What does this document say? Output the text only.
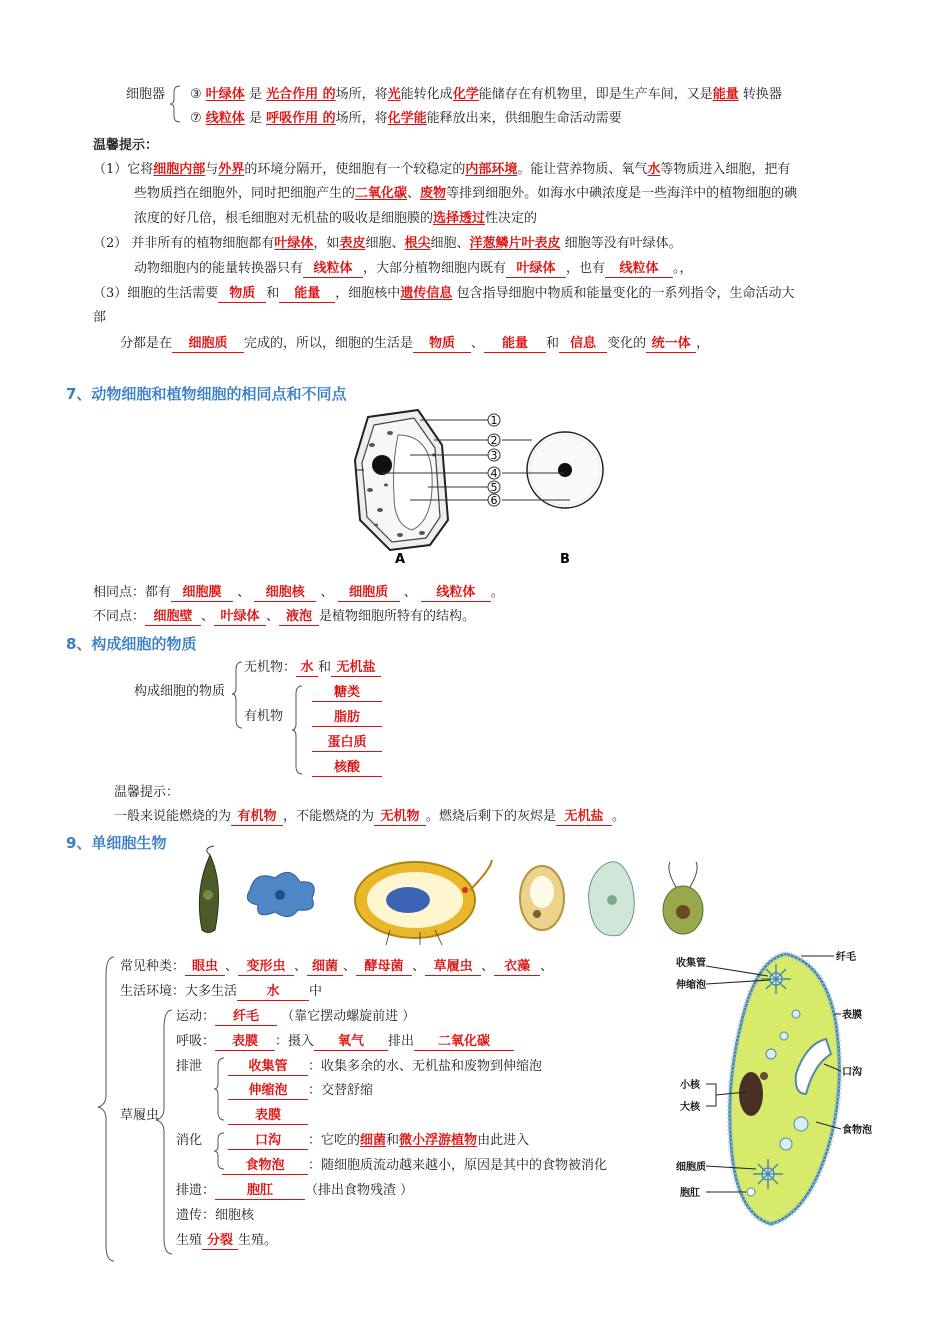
细胞器 ③ 叶绿体 是 光合作用 的场所，将光能转化成化学能储存在有机物里，即是生产车间，又是能量 转换器
⑦ 线粒体 是 呼吸作用 的场所，将化学能能释放出来，供细胞生命活动需要
温馨提示：
（1）它将细胞内部与外界的环境分隔开，使细胞有一个较稳定的内部环境。能让营养物质、氧气水等物质进入细胞，把有
些物质挡在细胞外，同时把细胞产生的二氧化碳、废物等排到细胞外。如海水中碘浓度是一些海洋中的植物细胞的碘
浓度的好几倍，根毛细胞对无机盐的吸收是细胞膜的选择透过性决定的
（2） 并非所有的植物细胞都有叶绿体，如表皮细胞、根尖细胞、洋葱鳞片叶表皮 细胞等没有叶绿体。
动物细胞内的能量转换器只有 线粒体 ，大部分植物细胞内既有 叶绿体 ，也有 线粒体 。，
（3）细胞的生活需要 物质 和 能量 ，细胞核中遗传信息 包含指导细胞中物质和能量变化的一系列指令，生命活动大
部
分都是在 细胞质 完成的，所以，细胞的生活是 物质 、 能量 和 信息 变化的 统一体 ，
7、动物细胞和植物细胞的相同点和不同点
1
2
3
4
5
6
A	B
相同点：都有 细胞膜 、 细胞核 、 细胞质 、 线粒体 。
不同点： 细胞壁 、 叶绿体 、 液泡 是植物细胞所特有的结构。
8、构成细胞的物质
构成细胞的物质
无机物： 水 和 无机盐
有机物
糖类
脂肪
蛋白质
核酸
温馨提示：
一般来说能燃烧的为 有机物 ，不能燃烧的为 无机物 。燃烧后剩下的灰烬是 无机盐 。
9、单细胞生物
常见种类： 眼虫 、 变形虫 、 细菌 、 酵母菌 、 草履虫 、 衣藻 、
生活环境：大多生活 水 中
草履虫
运动： 纤毛 （靠它摆动螺旋前进 ）
呼吸： 表膜 ：摄入 氧气 排出 二氧化碳
排泄	收集管 ：收集多余的水、无机盐和废物到伸缩泡
伸缩泡 ：交替舒缩
表膜
消化	口沟 ：它吃的细菌和微小浮游植物由此进入
食物泡 ：随细胞质流动越来越小，原因是其中的食物被消化
排遗： 胞肛 （排出食物残渣 ）
遗传：细胞核
生殖 分裂 生殖。
纤毛
收集管
伸缩泡
表膜
口沟
小核
大核
食物泡
细胞质
胞肛
